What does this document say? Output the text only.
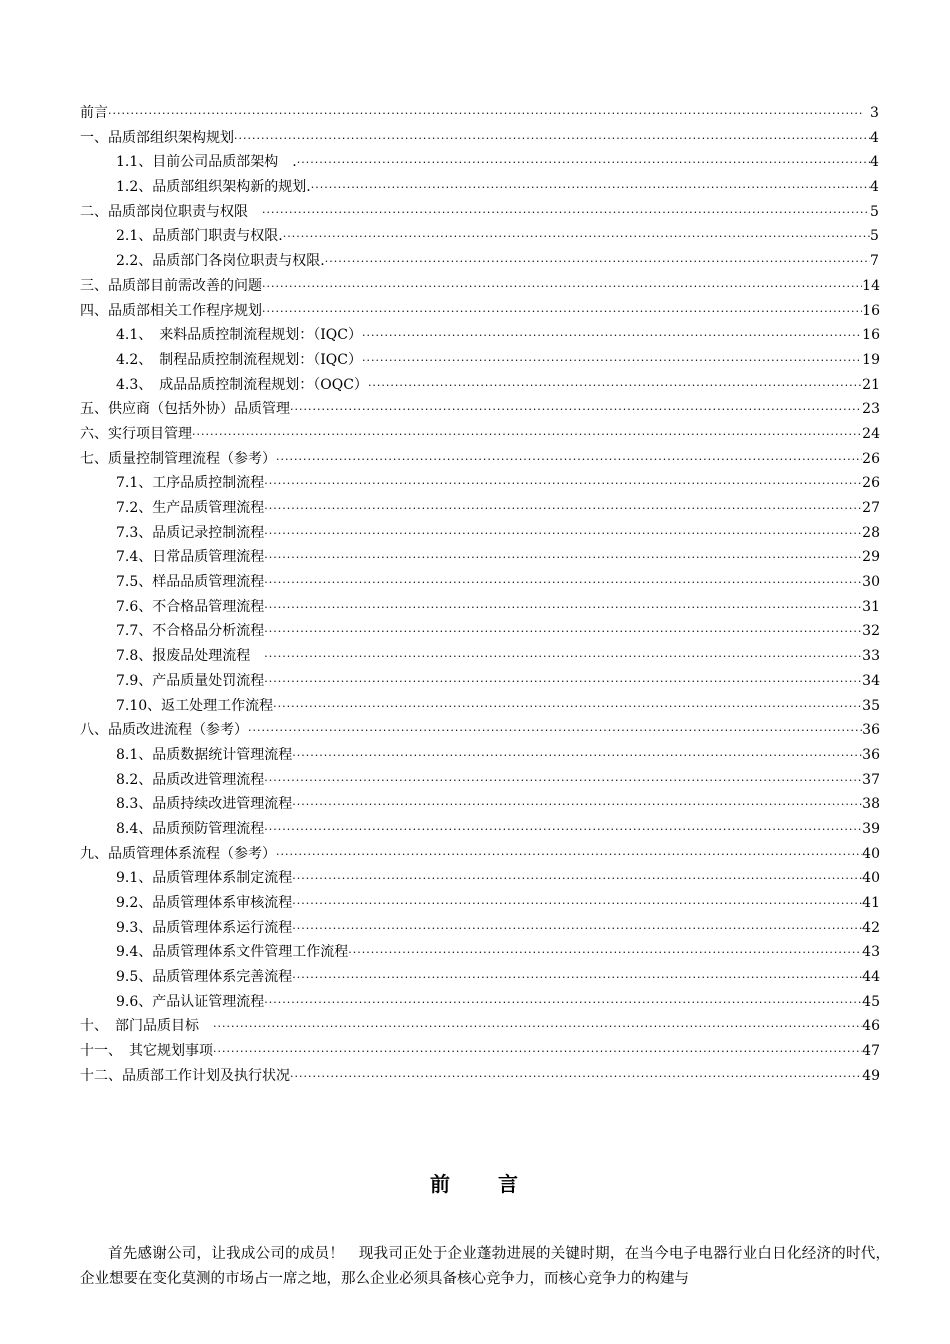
前言 ·····	3
一、品质部组织架构规划 ·····	4
1.1、目前公司品质部架构　. ·····	4
1.2、品质部组织架构新的规划. ·····	4
二、品质部岗位职责与权限　 ·····	5
2.1、品质部门职责与权限. ·····	5
2.2、品质部门各岗位职责与权限. ·····	7
三、品质部目前需改善的问题 ·····	14
四、品质部相关工作程序规划 ·····	16
4.1、　来料品质控制流程规划：（IQC） ·····	16
4.2、　制程品质控制流程规划：（IQC） ·····	19
4.3、　成品品质控制流程规划：（OQC） ·····	21
五、供应商（包括外协）品质管理 ·····	23
六、实行项目管理 ·····	24
七、质量控制管理流程（参考） ·····	26
7.1、工序品质控制流程 ·····	26
7.2、生产品质管理流程 ·····	27
7.3、品质记录控制流程 ·····	28
7.4、日常品质管理流程 ·····	29
7.5、样品品质管理流程 ·····	30
7.6、不合格品管理流程 ·····	31
7.7、不合格品分析流程 ·····	32
7.8、报废品处理流程　 ·····	33
7.9、产品质量处罚流程 ·····	34
7.10、返工处理工作流程 ·····	35
八、品质改进流程（参考） ·····	36
8.1、品质数据统计管理流程 ·····	36
8.2、品质改进管理流程 ·····	37
8.3、品质持续改进管理流程 ·····	38
8.4、品质预防管理流程 ·····	39
九、品质管理体系流程（参考） ·····	40
9.1、品质管理体系制定流程 ·····	40
9.2、品质管理体系审核流程 ·····	41
9.3、品质管理体系运行流程 ·····	42
9.4、品质管理体系文件管理工作流程 ·····	43
9.5、品质管理体系完善流程 ·····	44
9.6、产品认证管理流程 ·····	45
十、　部门品质目标　 ·····	46
十一、　其它规划事项 ·····	47
十二、品质部工作计划及执行状况 ·····	49
前 言
首先感谢公司，让我成公司的成员！　现我司正处于企业蓬勃进展的关键时期，在当今电子电器行业白日化经济的时代，企业想要在变化莫测的市场占一席之地，那么企业必须具备核心竞争力，而核心竞争力的构建与
